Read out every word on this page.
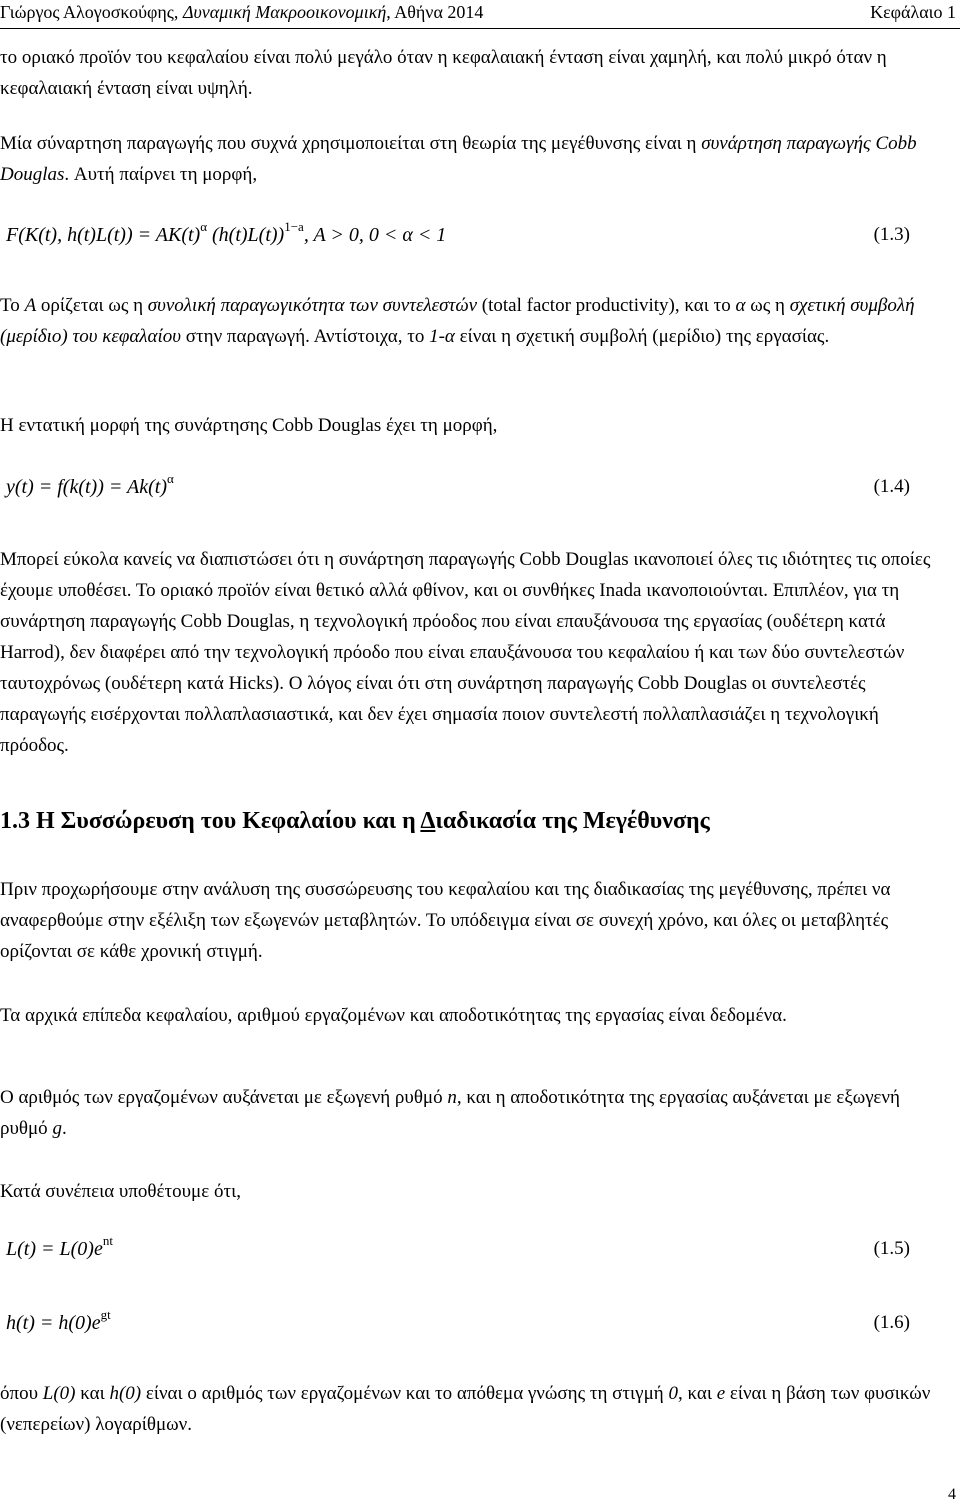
Γιώργος Αλογοσκούφης, Δυναμική Μακροοικονομική, Αθήνα 2014	Κεφάλαιο 1
το οριακό προϊόν του κεφαλαίου είναι πολύ μεγάλο όταν η κεφαλαιακή ένταση είναι χαμηλή, και πολύ μικρό όταν η κεφαλαιακή ένταση είναι υψηλή.
Μία σύναρτηση παραγωγής που συχνά χρησιμοποιείται στη θεωρία της μεγέθυνσης είναι η συνάρτηση παραγωγής Cobb Douglas. Αυτή παίρνει τη μορφή,
F(K(t), $h(t)L(t)) = AK(t)^\alpha$ $(h(t)L(t))^{1-a}$, A > 0, 0 < α < 1	(1.3)
Το A ορίζεται ως η συνολική παραγωγικότητα των συντελεστών (total factor productivity), και το α ως η σχετική συμβολή (μερίδιο) του κεφαλαίου στην παραγωγή. Αντίστοιχα, το 1-α είναι η σχετική συμβολή (μερίδιο) της εργασίας.
Η εντατική μορφή της συνάρτησης Cobb Douglas έχει τη μορφή,
$y(t) = f(k(t)) = Ak(t)^\alpha$	(1.4)
Μπορεί εύκολα κανείς να διαπιστώσει ότι η συνάρτηση παραγωγής Cobb Douglas ικανοποιεί όλες τις ιδιότητες τις οποίες έχουμε υποθέσει. Το οριακό προϊόν είναι θετικό αλλά φθίνον, και οι συνθήκες Inada ικανοποιούνται. Επιπλέον, για τη συνάρτηση παραγωγής Cobb Douglas, η τεχνολογική πρόοδος που είναι επαυξάνουσα της εργασίας (ουδέτερη κατά Harrod), δεν διαφέρει από την τεχνολογική πρόοδο που είναι επαυξάνουσα του κεφαλαίου ή και των δύο συντελεστών ταυτοχρόνως (ουδέτερη κατά Hicks). Ο λόγος είναι ότι στη συνάρτηση παραγωγής Cobb Douglas οι συντελεστές παραγωγής εισέρχονται πολλαπλασιαστικά, και δεν έχει σημασία ποιον συντελεστή πολλαπλασιάζει η τεχνολογική πρόοδος.
1.3 Η Συσσώρευση του Κεφαλαίου και η Διαδικασία της Μεγέθυνσης
Πριν προχωρήσουμε στην ανάλυση της συσσώρευσης του κεφαλαίου και της διαδικασίας της μεγέθυνσης, πρέπει να αναφερθούμε στην εξέλιξη των εξωγενών μεταβλητών. Το υπόδειγμα είναι σε συνεχή χρόνο, και όλες οι μεταβλητές ορίζονται σε κάθε χρονική στιγμή.
Τα αρχικά επίπεδα κεφαλαίου, αριθμού εργαζομένων και αποδοτικότητας της εργασίας είναι δεδομένα.
Ο αριθμός των εργαζομένων αυξάνεται με εξωγενή ρυθμό n, και η αποδοτικότητα της εργασίας αυξάνεται με εξωγενή ρυθμό g.
Κατά συνέπεια υποθέτουμε ότι,
$L(t) = L(0)e^{nt}$	(1.5)
$h(t) = h(0)e^{gt}$	(1.6)
όπου L(0) και h(0) είναι ο αριθμός των εργαζομένων και το απόθεμα γνώσης τη στιγμή 0, και e είναι η βάση των φυσικών (νεπερείων) λογαρίθμων.
4
